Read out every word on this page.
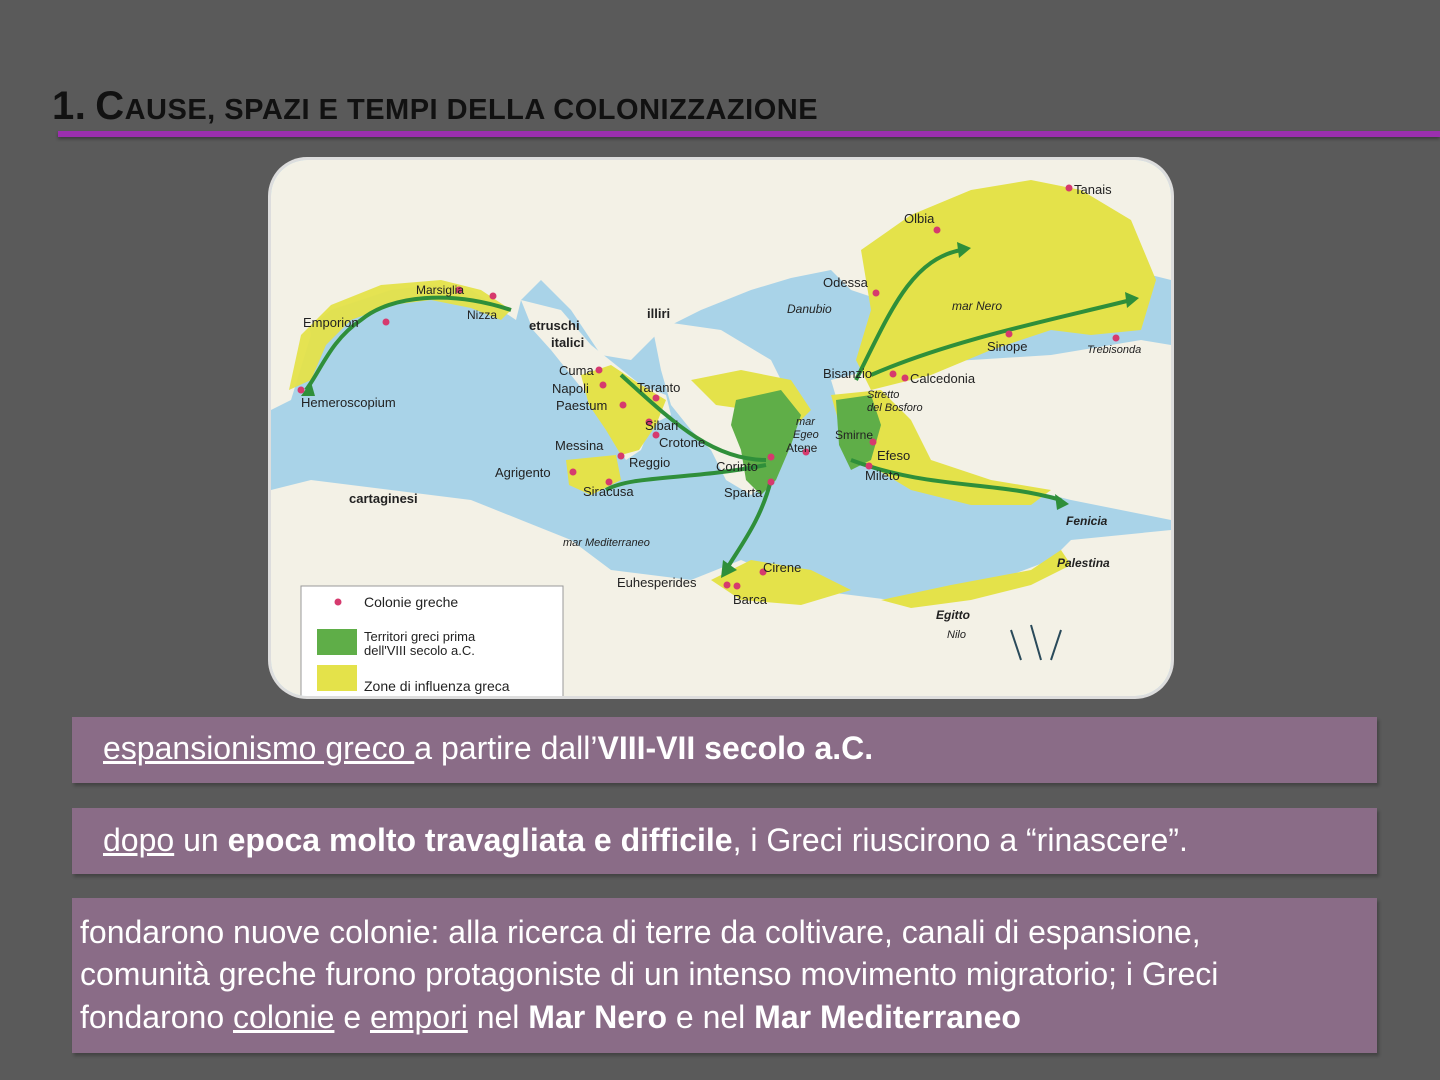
1. CAUSE, SPAZI E TEMPI DELLA COLONIZZAZIONE
Tanais
Olbia
Odessa
Danubio	mar Nero
Sinope	Trebisonda
Bisanzio	Calcedonia
Stretto
del Bosforo
Marsiglia
Nizza
Emporion	etruschi
italici
illiri
Hemeroscopium
Cuma
Napoli
Paestum
Taranto
Sibari
Crotone
Messina
Reggio
Agrigento
Siracusa
Corinto
Sparta
mar
Egeo
Atene
Smirne
Efeso
Mileto
cartaginesi
mar Mediterraneo
Euhesperides
Cirene
Barca
Fenicia
Palestina
Egitto
Nilo
Colonie greche
Territori greci prima
dell'VIII secolo a.C.
Zone di influenza greca
espansionismo greco a partire dall’VIII-VII secolo a.C.
dopo un epoca molto travagliata e difficile, i Greci riuscirono a “rinascere”.
fondarono nuove colonie: alla ricerca di terre da coltivare, canali di espansione,
comunità greche furono protagoniste di un intenso movimento migratorio; i Greci
fondarono colonie e empori nel Mar Nero e nel Mar Mediterraneo
